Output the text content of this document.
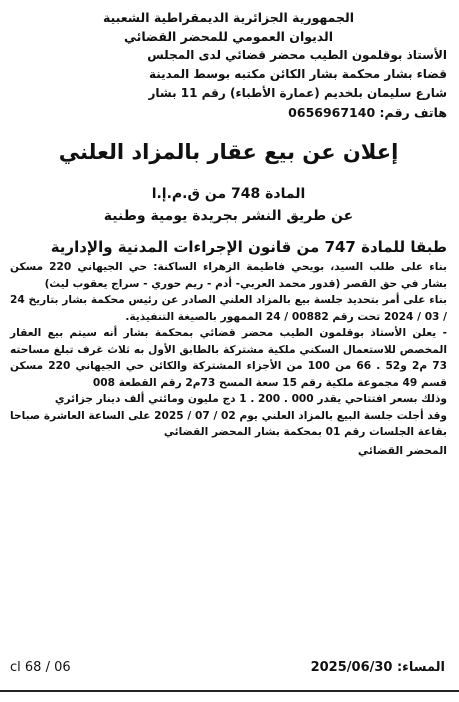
الجمهورية الجزائرية الديمقراطية الشعبية
الديوان العمومي للمحضر القضائي
الأستاذ بوقلمون الطيب محضر قضائي لدى المجلس
قضاء بشار محكمة بشار الكائن مكتبه بوسط المدينة
شارع سليمان بلخديم (عمارة الأطباء) رقم 11 بشار
هاتف رقم: 0656967140
إعلان عن بيع عقار بالمزاد العلني
المادة 748 من ق.م.إ.ا
عن طريق النشر بجريدة يومية وطنية
طبقا للمادة 747 من قانون الإجراءات المدنية والإدارية

بناء على طلب السيد، بويحي فاطيمة الزهراء الساكنة: حي الجيهاني 220 مسكن بشار في حق القصر (قدور محمد العربي- أدم - ريم حوري - سراج يعقوب ليث)

بناء على أمر بتحديد جلسة بيع بالمزاد العلني الصادر عن رئيس محكمة بشار بتاريخ 24 / 03 / 2024 تحت رقم 00882 / 24 الممهور بالصيغة التنفيذية.

- يعلن الأستاذ بوقلمون الطيب محضر قضائي بمحكمة بشار أنه سيتم بيع العقار المخصص للاستعمال السكني ملكية مشتركة بالطابق الأول به ثلاث غرف تبلغ مساحته 73 م2 و52 . 66 من 100 من الأجزاء المشتركة والكائن حي الجيهاني 220 مسكن قسم 49 مجموعة ملكية رقم 15 سعة المسح 73م2 رقم القطعة 008

وذلك بسعر افتتاحي يقدر 000 . 200 . 1 دج مليون ومائتي ألف دينار جزائري

وقد أجلت جلسة البيع بالمزاد العلني يوم 02 / 07 / 2025 على الساعة العاشرة صباحا بقاعة الجلسات رقم 01 بمحكمة بشار المحضر القضائي

المحضر القضائي
المساء: 2025/06/30
cl 68 / 06
